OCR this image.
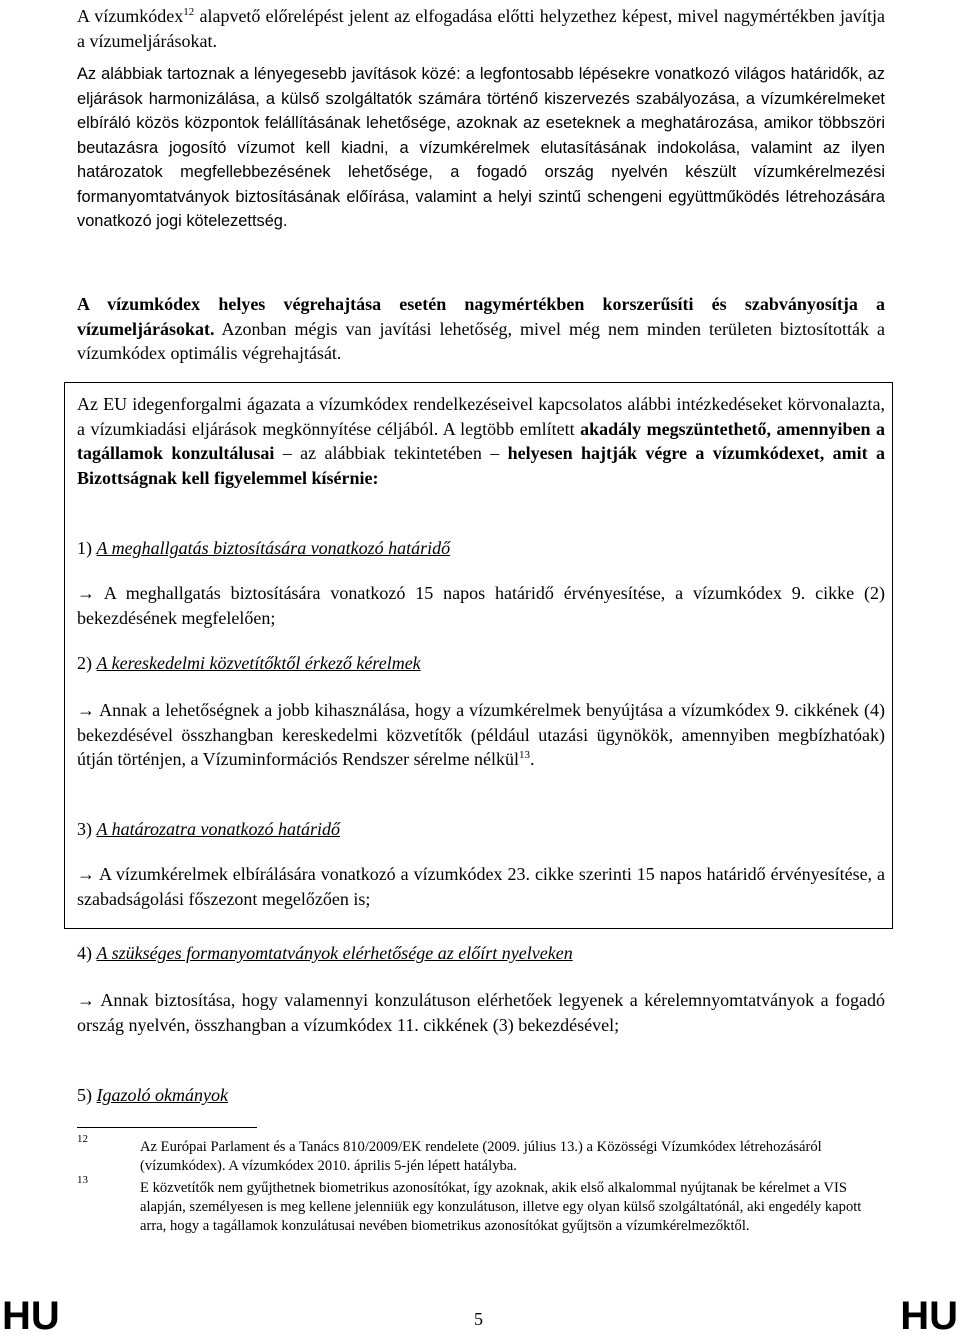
A vízumkódex$^{12}$ alapvető előrelépést jelent az elfogadása előtti helyzethez képest, mivel nagymértékben javítja a vízumeljárásokat.

Az alábbiak tartoznak a lényegesebb javítások közé: a legfontosabb lépésekre vonatkozó világos határidők, az eljárások harmonizálása, a külső szolgáltatók számára történő kiszervezés szabályozása, a vízumkérelmeket elbíráló közös központok felállításának lehetősége, azoknak az eseteknek a meghatározása, amikor többszöri beutazásra jogosító vízumot kell kiadni, a vízumkérelmek elutasításának indokolása, valamint az ilyen határozatok megfellebbezésének lehetősége, a fogadó ország nyelvén készült vízumkérelmezési formanyomtatványok biztosításának előírása, valamint a helyi szintű schengeni együttműködés létrehozására vonatkozó jogi kötelezettség.

A vízumkódex helyes végrehajtása esetén nagymértékben korszerűsíti és szabványosítja a vízumeljárásokat. Azonban mégis van javítási lehetőség, mivel még nem minden területen biztosították a vízumkódex optimális végrehajtását.

Az EU idegenforgalmi ágazata a vízumkódex rendelkezéseivel kapcsolatos alábbi intézkedéseket körvonalazta, a vízumkiadási eljárások megkönnyítése céljából. A legtöbb említett akadály megszüntethető, amennyiben a tagállamok konzultálusai – az alábbiak tekintetében – helyesen hajtják végre a vízumkódexet, amit a Bizottságnak kell figyelemmel kísérnie:

1) A meghallgatás biztosítására vonatkozó határidő

→ A meghallgatás biztosítására vonatkozó 15 napos határidő érvényesítése, a vízumkódex 9. cikke (2) bekezdésének megfelelően;

2) A kereskedelmi közvetítőktől érkező kérelmek

→ Annak a lehetőségnek a jobb kihasználása, hogy a vízumkérelmek benyújtása a vízumkódex 9. cikkének (4) bekezdésével összhangban kereskedelmi közvetítők (például utazási ügynökök, amennyiben megbízhatóak) útján történjen, a Vízuminformációs Rendszer sérelme nélkül$^{13}$.

3) A határozatra vonatkozó határidő

→ A vízumkérelmek elbírálására vonatkozó a vízumkódex 23. cikke szerinti 15 napos határidő érvényesítése, a szabadságolási főszezont megelőzően is;

4) A szükséges formanyomtatványok elérhetősége az előírt nyelveken

→ Annak biztosítása, hogy valamennyi konzulátuson elérhetőek legyenek a kérelemnyomtatványok a fogadó ország nyelvén, összhangban a vízumkódex 11. cikkének (3) bekezdésével;

5) Igazoló okmányok

12	Az Európai Parlament és a Tanács 810/2009/EK rendelete (2009. július 13.) a Közösségi Vízumkódex létrehozásáról (vízumkódex). A vízumkódex 2010. április 5-jén lépett hatályba.

13	E közvetítők nem gyűjthetnek biometrikus azonosítókat, így azoknak, akik első alkalommal nyújtanak be kérelmet a VIS alapján, személyesen is meg kellene jelenniük egy konzulátuson, illetve egy olyan külső szolgáltatónál, aki engedély kapott arra, hogy a tagállamok konzulátusai nevében biometrikus azonosítókat gyűjtsön a vízumkérelmezőktől.

HU	5	HU
